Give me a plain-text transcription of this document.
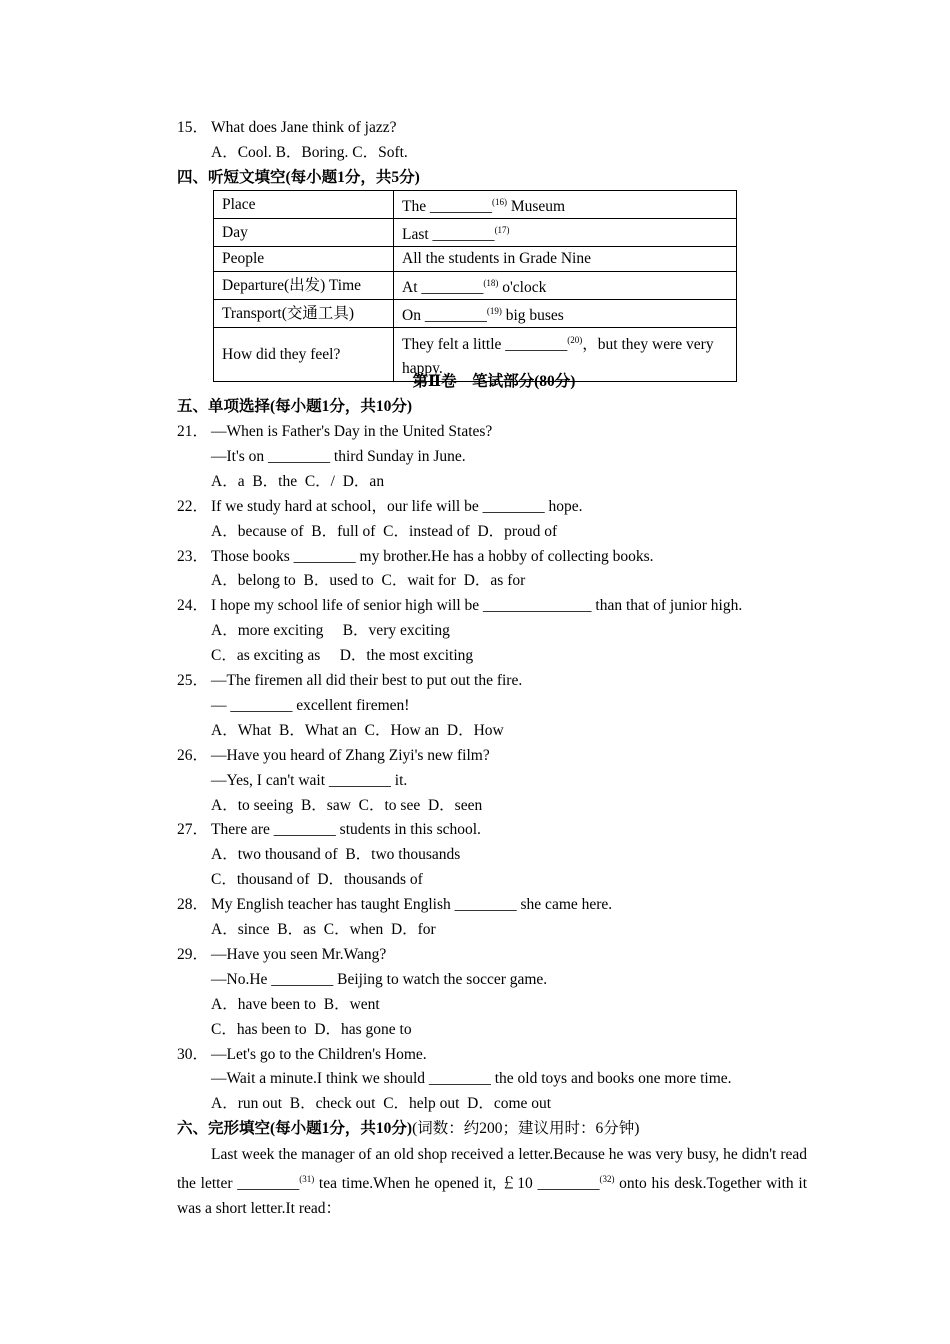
15． What does Jane think of jazz?
A．Cool. B．Boring. C．Soft.
四、听短文填空(每小题1分，共5分)
Place	The ________$^{(16)}$ Museum
Day	Last ________$^{(17)}$
People	All the students in Grade Nine
Departure(出发) Time	At ________$^{(18)}$ o'clock
Transport(交通工具)	On ________$^{(19)}$ big buses
How did they feel?	They felt a little ________$^{(20)}$，but they were very happy.
第Ⅱ卷　笔试部分(80分)
五、单项选择(每小题1分，共10分)
21． —When is Father's Day in the United States?
—It's on ________ third Sunday in June.
A．a  B．the  C．/  D．an
22． If we study hard at school，our life will be ________ hope.
A．because of  B．full of  C．instead of  D．proud of
23． Those books ________ my brother.He has a hobby of collecting books.
A．belong to  B．used to  C．wait for  D．as for
24． I hope my school life of senior high will be ______________ than that of junior high.
A．more exciting     B．very exciting
C．as exciting as     D．the most exciting
25． —The firemen all did their best to put out the fire.
— ________ excellent firemen!
A．What  B．What an  C．How an  D．How
26． —Have you heard of Zhang Ziyi's new film?
—Yes, I can't wait ________ it.
A．to seeing  B．saw  C．to see  D．seen
27． There are ________ students in this school.
A．two thousand of  B．two thousands
C．thousand of  D．thousands of
28． My English teacher has taught English ________ she came here.
A．since  B．as  C．when  D．for
29． —Have you seen Mr.Wang?
—No.He ________ Beijing to watch the soccer game.
A．have been to  B．went
C．has been to  D．has gone to
30． —Let's go to the Children's Home.
—Wait a minute.I think we should ________ the old toys and books one more time.
A．run out  B．check out  C．help out  D．come out
六、完形填空(每小题1分，共10分)(词数：约200；建议用时：6分钟)
Last week the manager of an old shop received a letter.Because he was very busy, he didn't read the letter ________$^{(31)}$ tea time.When he opened it, ￡10 ________$^{(32)}$ onto his desk.Together with it was a short letter.It read：
